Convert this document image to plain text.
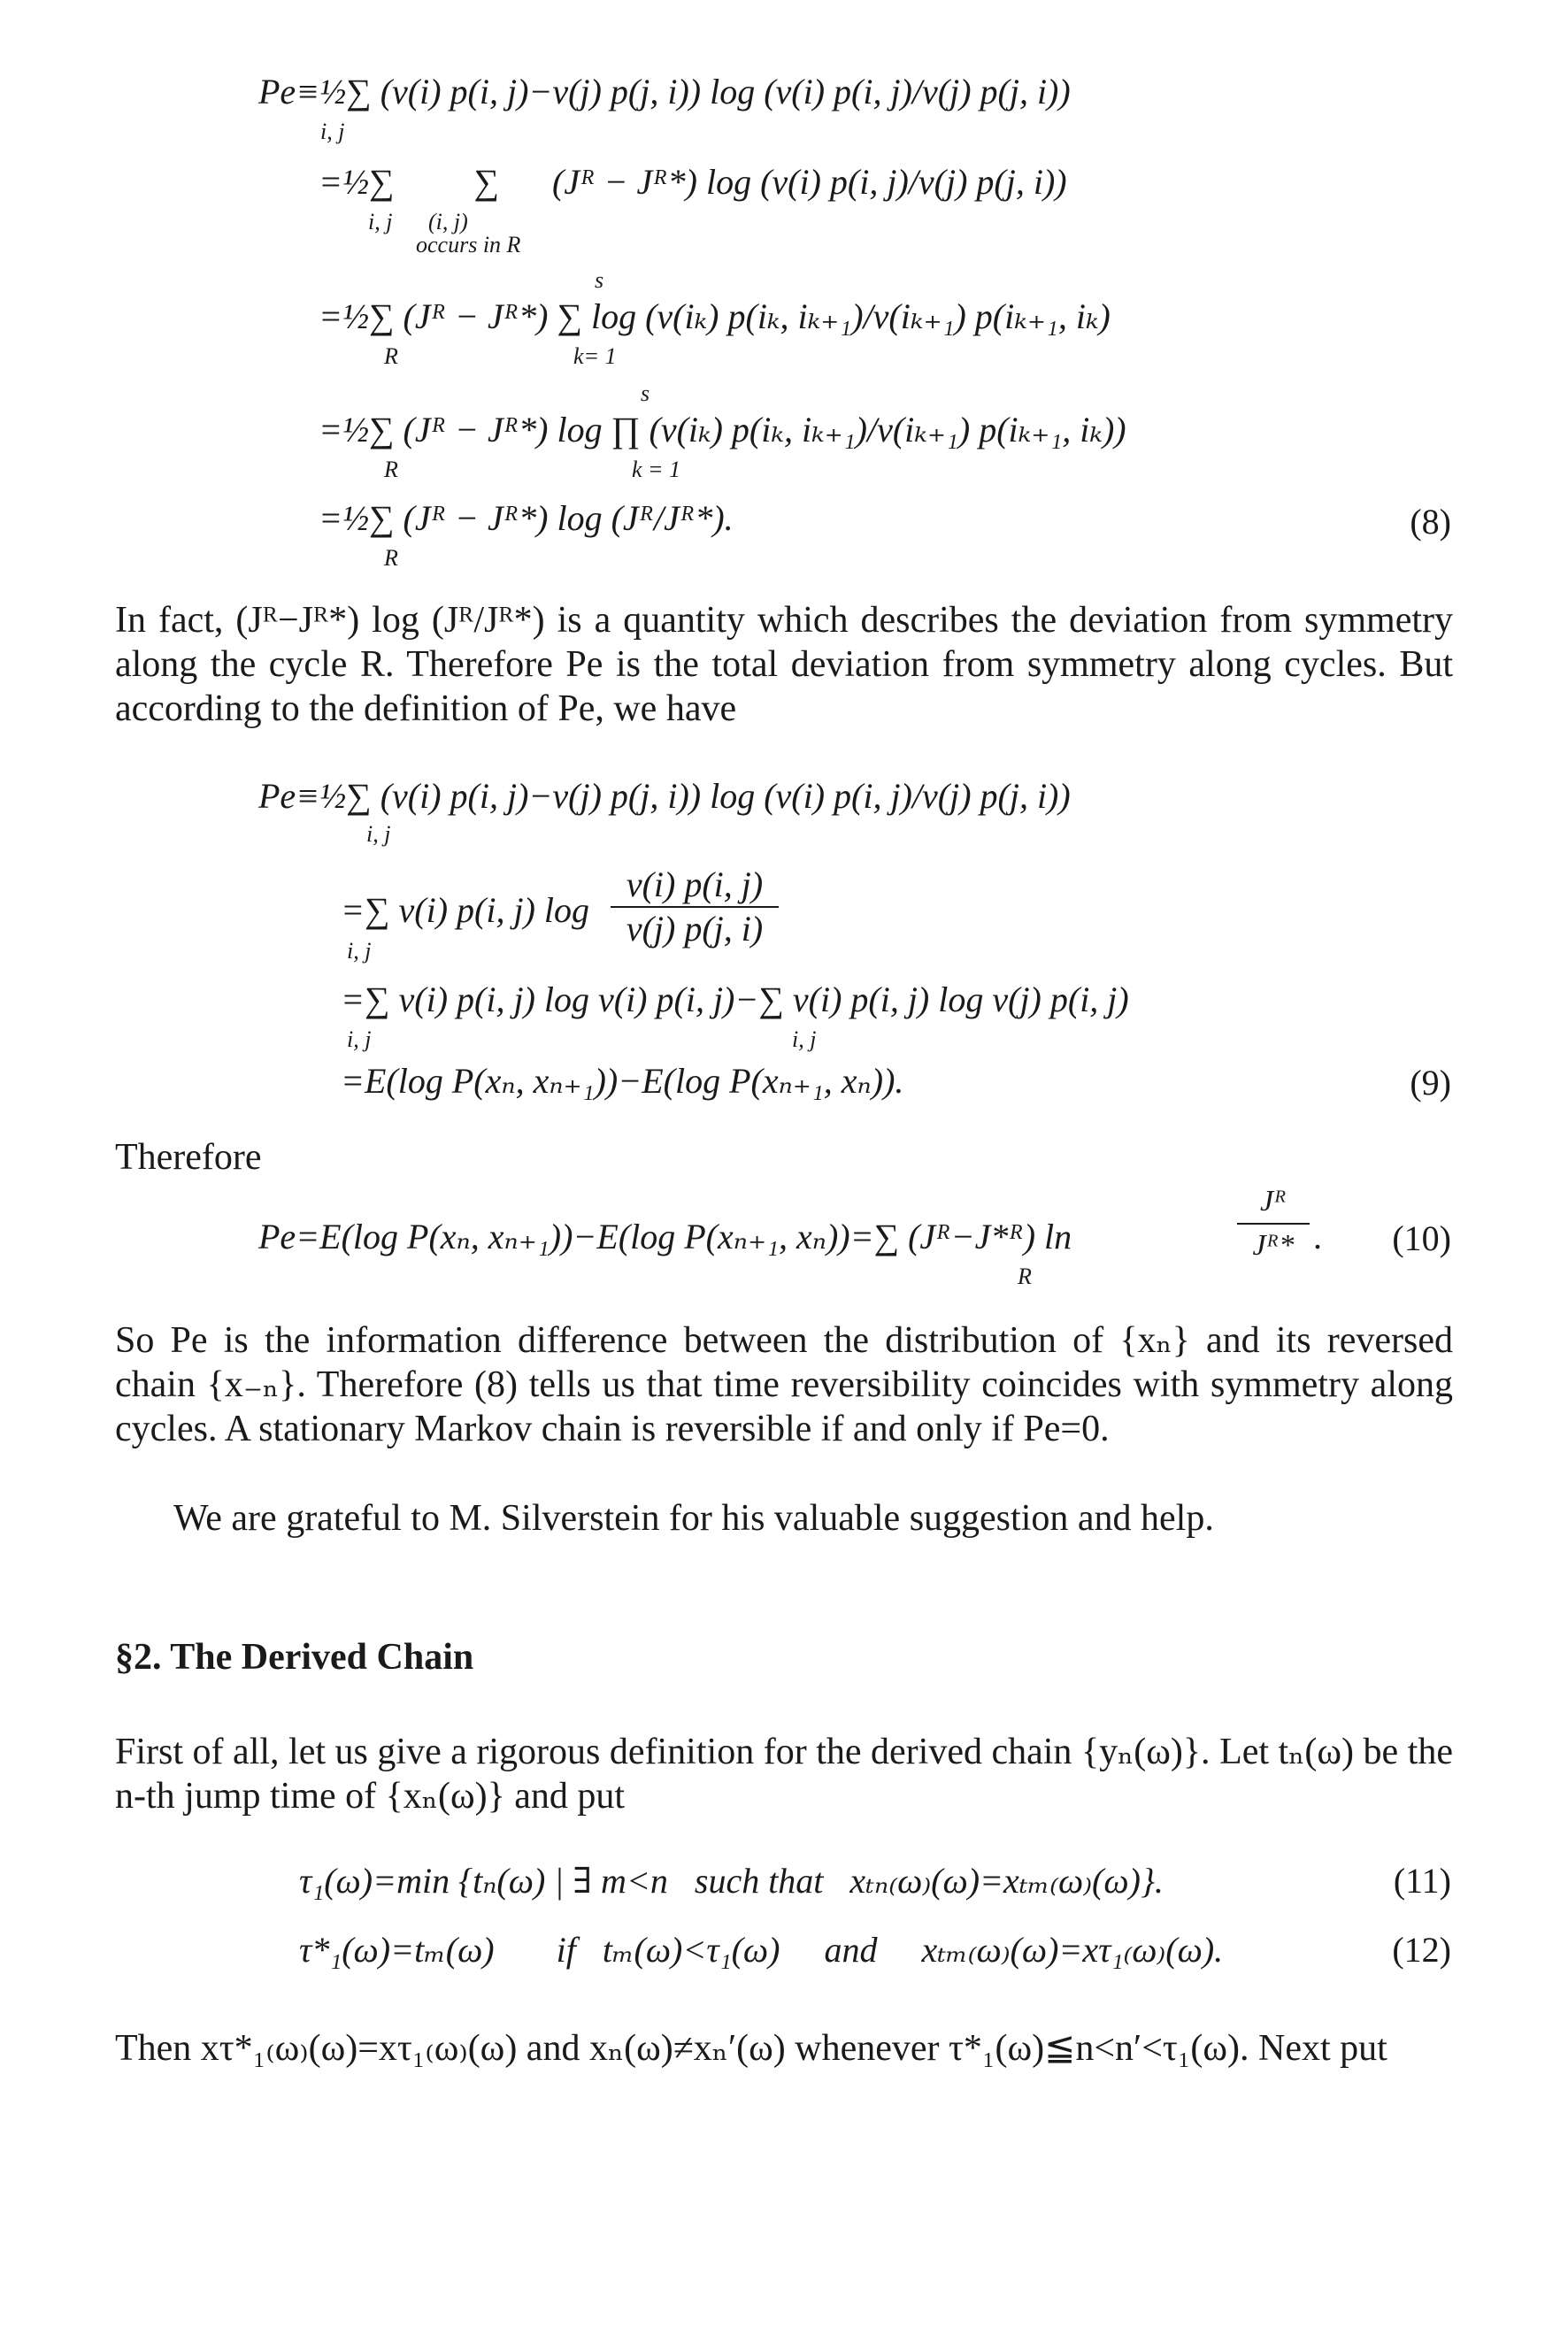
Pe≡½∑ (v(i) p(i, j)−v(j) p(j, i)) log (v(i) p(i, j)/v(j) p(j, i))
i, j
=½∑   ∑   (Jᴿ − Jᴿ*) log (v(i) p(i, j)/v(j) p(j, i))
i, j (i, j)
occurs in R
s
=½∑ (Jᴿ − Jᴿ*) ∑ log (v(iₖ) p(iₖ, iₖ₊₁)/v(iₖ₊₁) p(iₖ₊₁, iₖ)
R	k= 1
s
=½∑ (Jᴿ − Jᴿ*) log ∏ (v(iₖ) p(iₖ, iₖ₊₁)/v(iₖ₊₁) p(iₖ₊₁, iₖ))
R	k = 1
=½∑ (Jᴿ − Jᴿ*) log (Jᴿ/Jᴿ*).
R
(8)
In fact, (Jᴿ−Jᴿ*) log (Jᴿ/Jᴿ*) is a quantity which describes the deviation from symmetry along the cycle R. Therefore Pe is the total deviation from symmetry along cycles. But according to the definition of Pe, we have
Pe≡½∑ (v(i) p(i, j)−v(j) p(j, i)) log (v(i) p(i, j)/v(j) p(j, i))
i, j
=∑ v(i) p(i, j) log
v(i) p(i, j)
v(j) p(j, i)
i, j
=∑ v(i) p(i, j) log v(i) p(i, j)−∑ v(i) p(i, j) log v(j) p(i, j)
i, j	i, j
=E(log P(xₙ, xₙ₊₁))−E(log P(xₙ₊₁, xₙ)).	(9)
Therefore
Pe=E(log P(xₙ, xₙ₊₁))−E(log P(xₙ₊₁, xₙ))=∑ (Jᴿ−J*ᴿ) ln
Jᴿ
Jᴿ* .
R
(10)
So Pe is the information difference between the distribution of {xₙ} and its reversed chain {x₋ₙ}. Therefore (8) tells us that time reversibility coincides with symmetry along cycles. A stationary Markov chain is reversible if and only if Pe=0.
We are grateful to M. Silverstein for his valuable suggestion and help.
§2. The Derived Chain
First of all, let us give a rigorous definition for the derived chain {yₙ(ω)}. Let tₙ(ω) be the n-th jump time of {xₙ(ω)} and put
τ₁(ω)=min {tₙ(ω) | ∃ m<n  such that  xₜₙ₍ω₎(ω)=xₜₘ₍ω₎(ω)}.	(11)
τ*₁(ω)=tₘ(ω)   if  tₘ(ω)<τ₁(ω)  and  xₜₘ₍ω₎(ω)=xτ₁₍ω₎(ω).	(12)
Then xτ*₁₍ω₎(ω)=xτ₁₍ω₎(ω) and xₙ(ω)≠xₙ′(ω) whenever τ*₁(ω)≦n<n′<τ₁(ω). Next put
